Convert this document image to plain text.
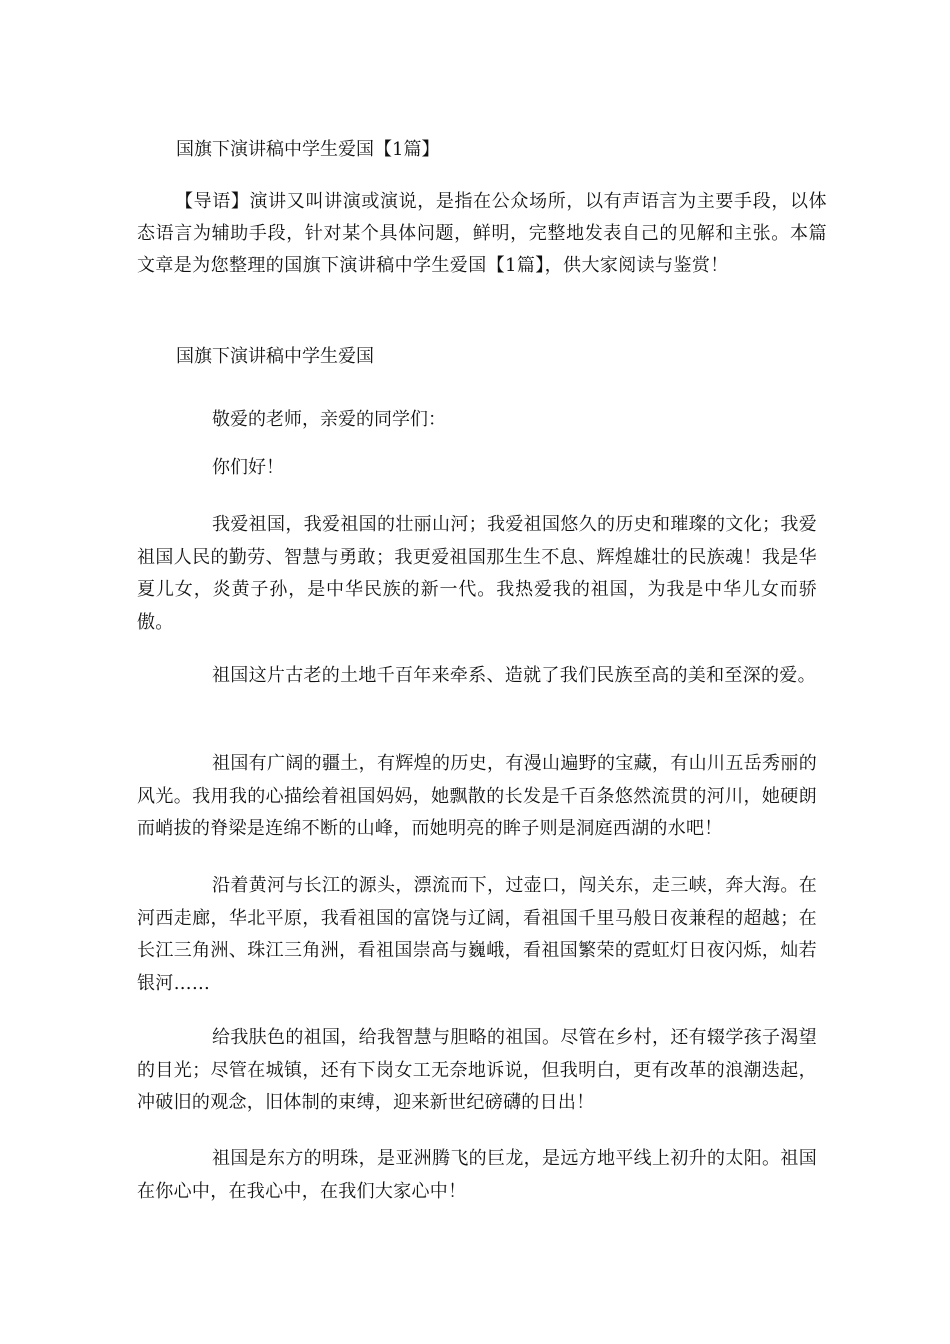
国旗下演讲稿中学生爱国【1篇】

【导语】演讲又叫讲演或演说，是指在公众场所，以有声语言为主要手段，以体态语言为辅助手段，针对某个具体问题，鲜明，完整地发表自己的见解和主张。本篇文章是为您整理的国旗下演讲稿中学生爱国【1篇】，供大家阅读与鉴赏！

国旗下演讲稿中学生爱国
敬爱的老师，亲爱的同学们：
你们好！

我爱祖国，我爱祖国的壮丽山河；我爱祖国悠久的历史和璀璨的文化；我爱祖国人民的勤劳、智慧与勇敢；我更爱祖国那生生不息、辉煌雄壮的民族魂！我是华夏儿女，炎黄子孙，是中华民族的新一代。我热爱我的祖国，为我是中华儿女而骄傲。

祖国这片古老的土地千百年来牵系、造就了我们民族至高的美和至深的爱。

祖国有广阔的疆土，有辉煌的历史，有漫山遍野的宝藏，有山川五岳秀丽的风光。我用我的心描绘着祖国妈妈，她飘散的长发是千百条悠然流贯的河川，她硬朗而峭拔的脊梁是连绵不断的山峰，而她明亮的眸子则是洞庭西湖的水吧！

沿着黄河与长江的源头，漂流而下，过壶口，闯关东，走三峡，奔大海。在河西走廊，华北平原，我看祖国的富饶与辽阔，看祖国千里马般日夜兼程的超越；在长江三角洲、珠江三角洲，看祖国崇高与巍峨，看祖国繁荣的霓虹灯日夜闪烁，灿若银河……

给我肤色的祖国，给我智慧与胆略的祖国。尽管在乡村，还有辍学孩子渴望的目光；尽管在城镇，还有下岗女工无奈地诉说，但我明白，更有改革的浪潮迭起，冲破旧的观念，旧体制的束缚，迎来新世纪磅礴的日出！

祖国是东方的明珠，是亚洲腾飞的巨龙，是远方地平线上初升的太阳。祖国在你心中，在我心中，在我们大家心中！
